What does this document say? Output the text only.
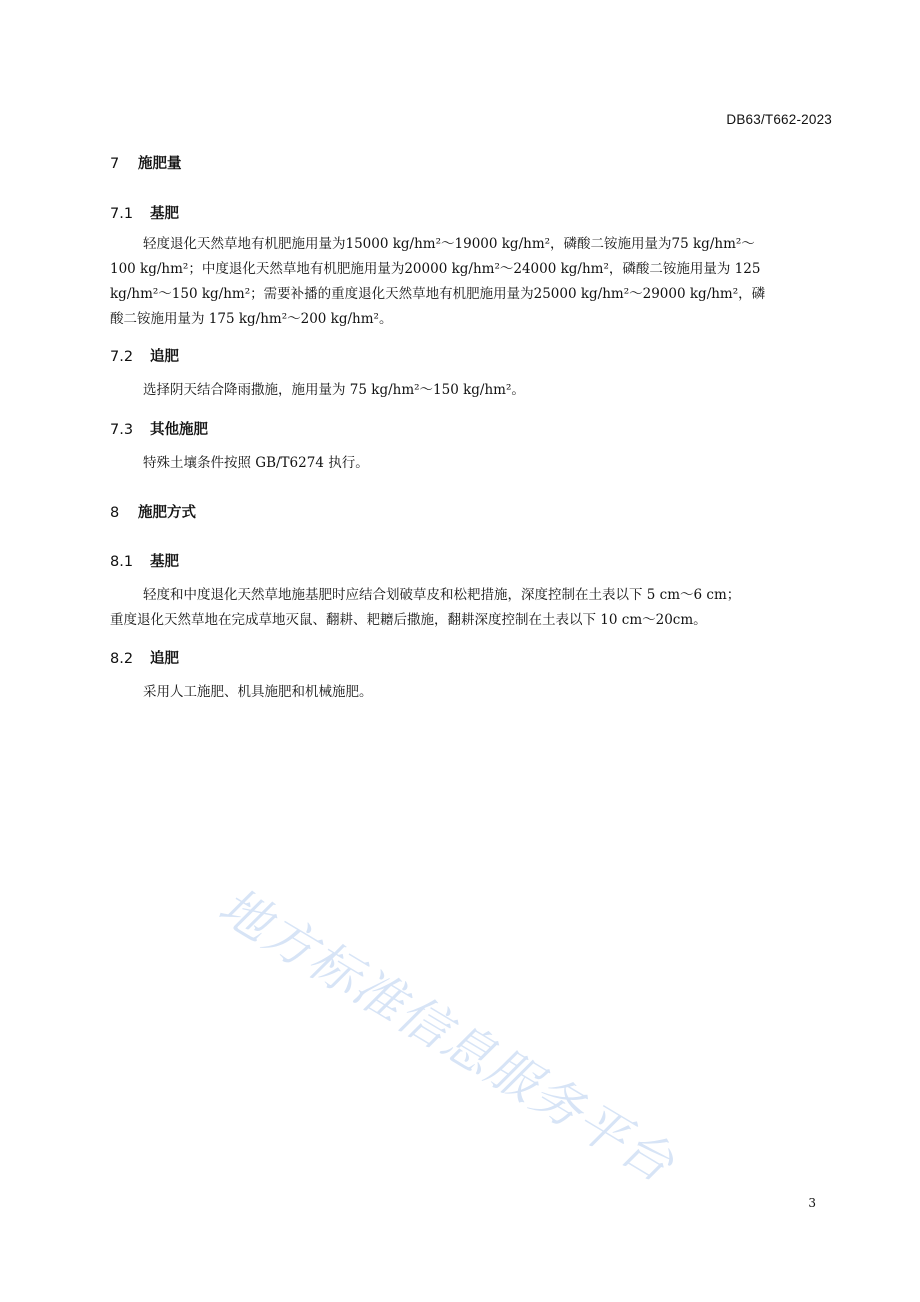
DB63/T662-2023
7 施肥量
7.1 基肥
轻度退化天然草地有机肥施用量为15000 kg/hm²～19000 kg/hm²，磷酸二铵施用量为75 kg/hm²～
100 kg/hm²；中度退化天然草地有机肥施用量为20000 kg/hm²～24000 kg/hm²，磷酸二铵施用量为 125
kg/hm²～150 kg/hm²；需要补播的重度退化天然草地有机肥施用量为25000 kg/hm²～29000 kg/hm²，磷
酸二铵施用量为 175 kg/hm²～200 kg/hm²。
7.2 追肥
选择阴天结合降雨撒施，施用量为 75 kg/hm²～150 kg/hm²。
7.3 其他施肥
特殊土壤条件按照 GB/T6274 执行。
8 施肥方式
8.1 基肥
轻度和中度退化天然草地施基肥时应结合划破草皮和松耙措施，深度控制在土表以下 5 cm～6 cm；
重度退化天然草地在完成草地灭鼠、翻耕、耙耱后撒施，翻耕深度控制在土表以下 10 cm～20cm。
8.2 追肥
采用人工施肥、机具施肥和机械施肥。
地方标准信息服务平台
3
